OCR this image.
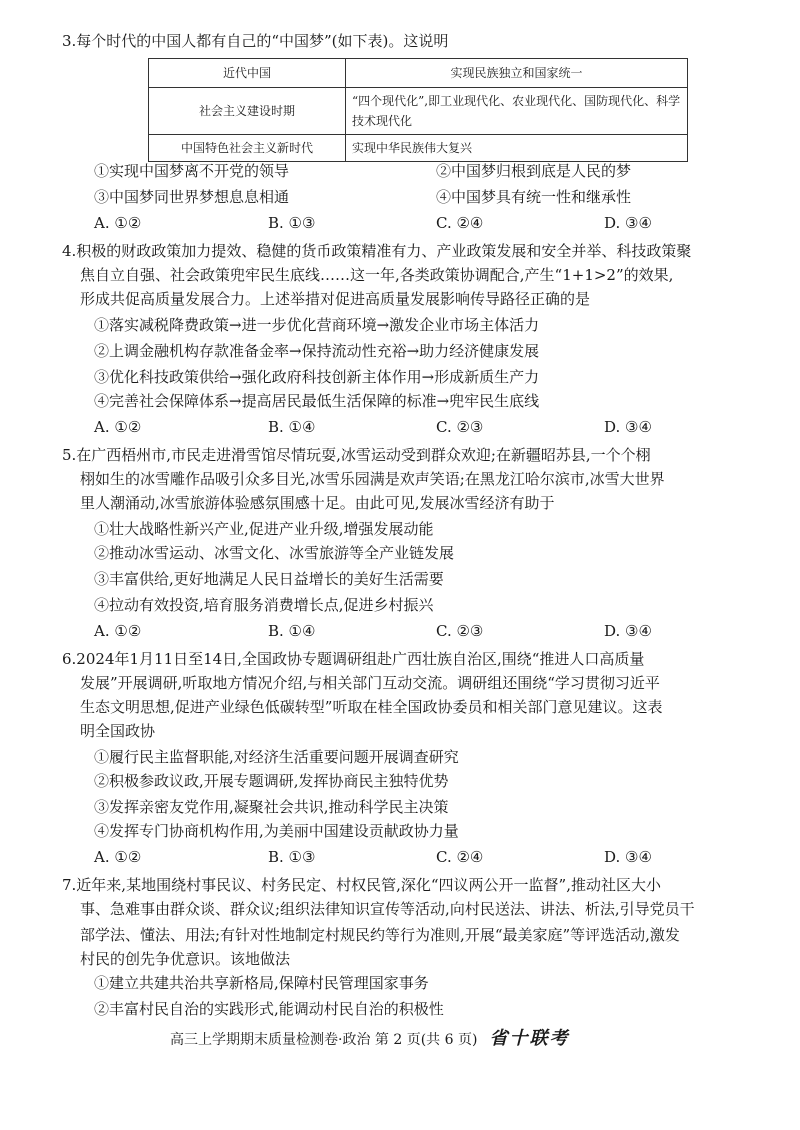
3.每个时代的中国人都有自己的“中国梦”(如下表)。这说明
近代中国	实现民族独立和国家统一
社会主义建设时期	“四个现代化”,即工业现代化、农业现代化、国防现代化、科学技术现代化
中国特色社会主义新时代	实现中华民族伟大复兴
①实现中国梦离不开党的领导	②中国梦归根到底是人民的梦
③中国梦同世界梦想息息相通	④中国梦具有统一性和继承性
A. ①②	B. ①③	C. ②④	D. ③④
4.积极的财政政策加力提效、稳健的货币政策精准有力、产业政策发展和安全并举、科技政策聚
焦自立自强、社会政策兜牢民生底线……这一年,各类政策协调配合,产生“1+1>2”的效果,
形成共促高质量发展合力。上述举措对促进高质量发展影响传导路径正确的是
①落实减税降费政策→进一步优化营商环境→激发企业市场主体活力
②上调金融机构存款准备金率→保持流动性充裕→助力经济健康发展
③优化科技政策供给→强化政府科技创新主体作用→形成新质生产力
④完善社会保障体系→提高居民最低生活保障的标准→兜牢民生底线
A. ①②	B. ①④	C. ②③	D. ③④
5.在广西梧州市,市民走进滑雪馆尽情玩耍,冰雪运动受到群众欢迎;在新疆昭苏县,一个个栩
栩如生的冰雪雕作品吸引众多目光,冰雪乐园满是欢声笑语;在黑龙江哈尔滨市,冰雪大世界
里人潮涌动,冰雪旅游体验感氛围感十足。由此可见,发展冰雪经济有助于
①壮大战略性新兴产业,促进产业升级,增强发展动能
②推动冰雪运动、冰雪文化、冰雪旅游等全产业链发展
③丰富供给,更好地满足人民日益增长的美好生活需要
④拉动有效投资,培育服务消费增长点,促进乡村振兴
A. ①②	B. ①④	C. ②③	D. ③④
6.2024年1月11日至14日,全国政协专题调研组赴广西壮族自治区,围绕“推进人口高质量
发展”开展调研,听取地方情况介绍,与相关部门互动交流。调研组还围绕“学习贯彻习近平
生态文明思想,促进产业绿色低碳转型”听取在桂全国政协委员和相关部门意见建议。这表
明全国政协
①履行民主监督职能,对经济生活重要问题开展调查研究
②积极参政议政,开展专题调研,发挥协商民主独特优势
③发挥亲密友党作用,凝聚社会共识,推动科学民主决策
④发挥专门协商机构作用,为美丽中国建设贡献政协力量
A. ①②	B. ①③	C. ②④	D. ③④
7.近年来,某地围绕村事民议、村务民定、村权民管,深化“四议两公开一监督”,推动社区大小
事、急难事由群众谈、群众议;组织法律知识宣传等活动,向村民送法、讲法、析法,引导党员干
部学法、懂法、用法;有针对性地制定村规民约等行为准则,开展“最美家庭”等评选活动,激发
村民的创先争优意识。该地做法
①建立共建共治共享新格局,保障村民管理国家事务
②丰富村民自治的实践形式,能调动村民自治的积极性
高三上学期期末质量检测卷·政治 第 2 页(共 6 页) 省十联考
